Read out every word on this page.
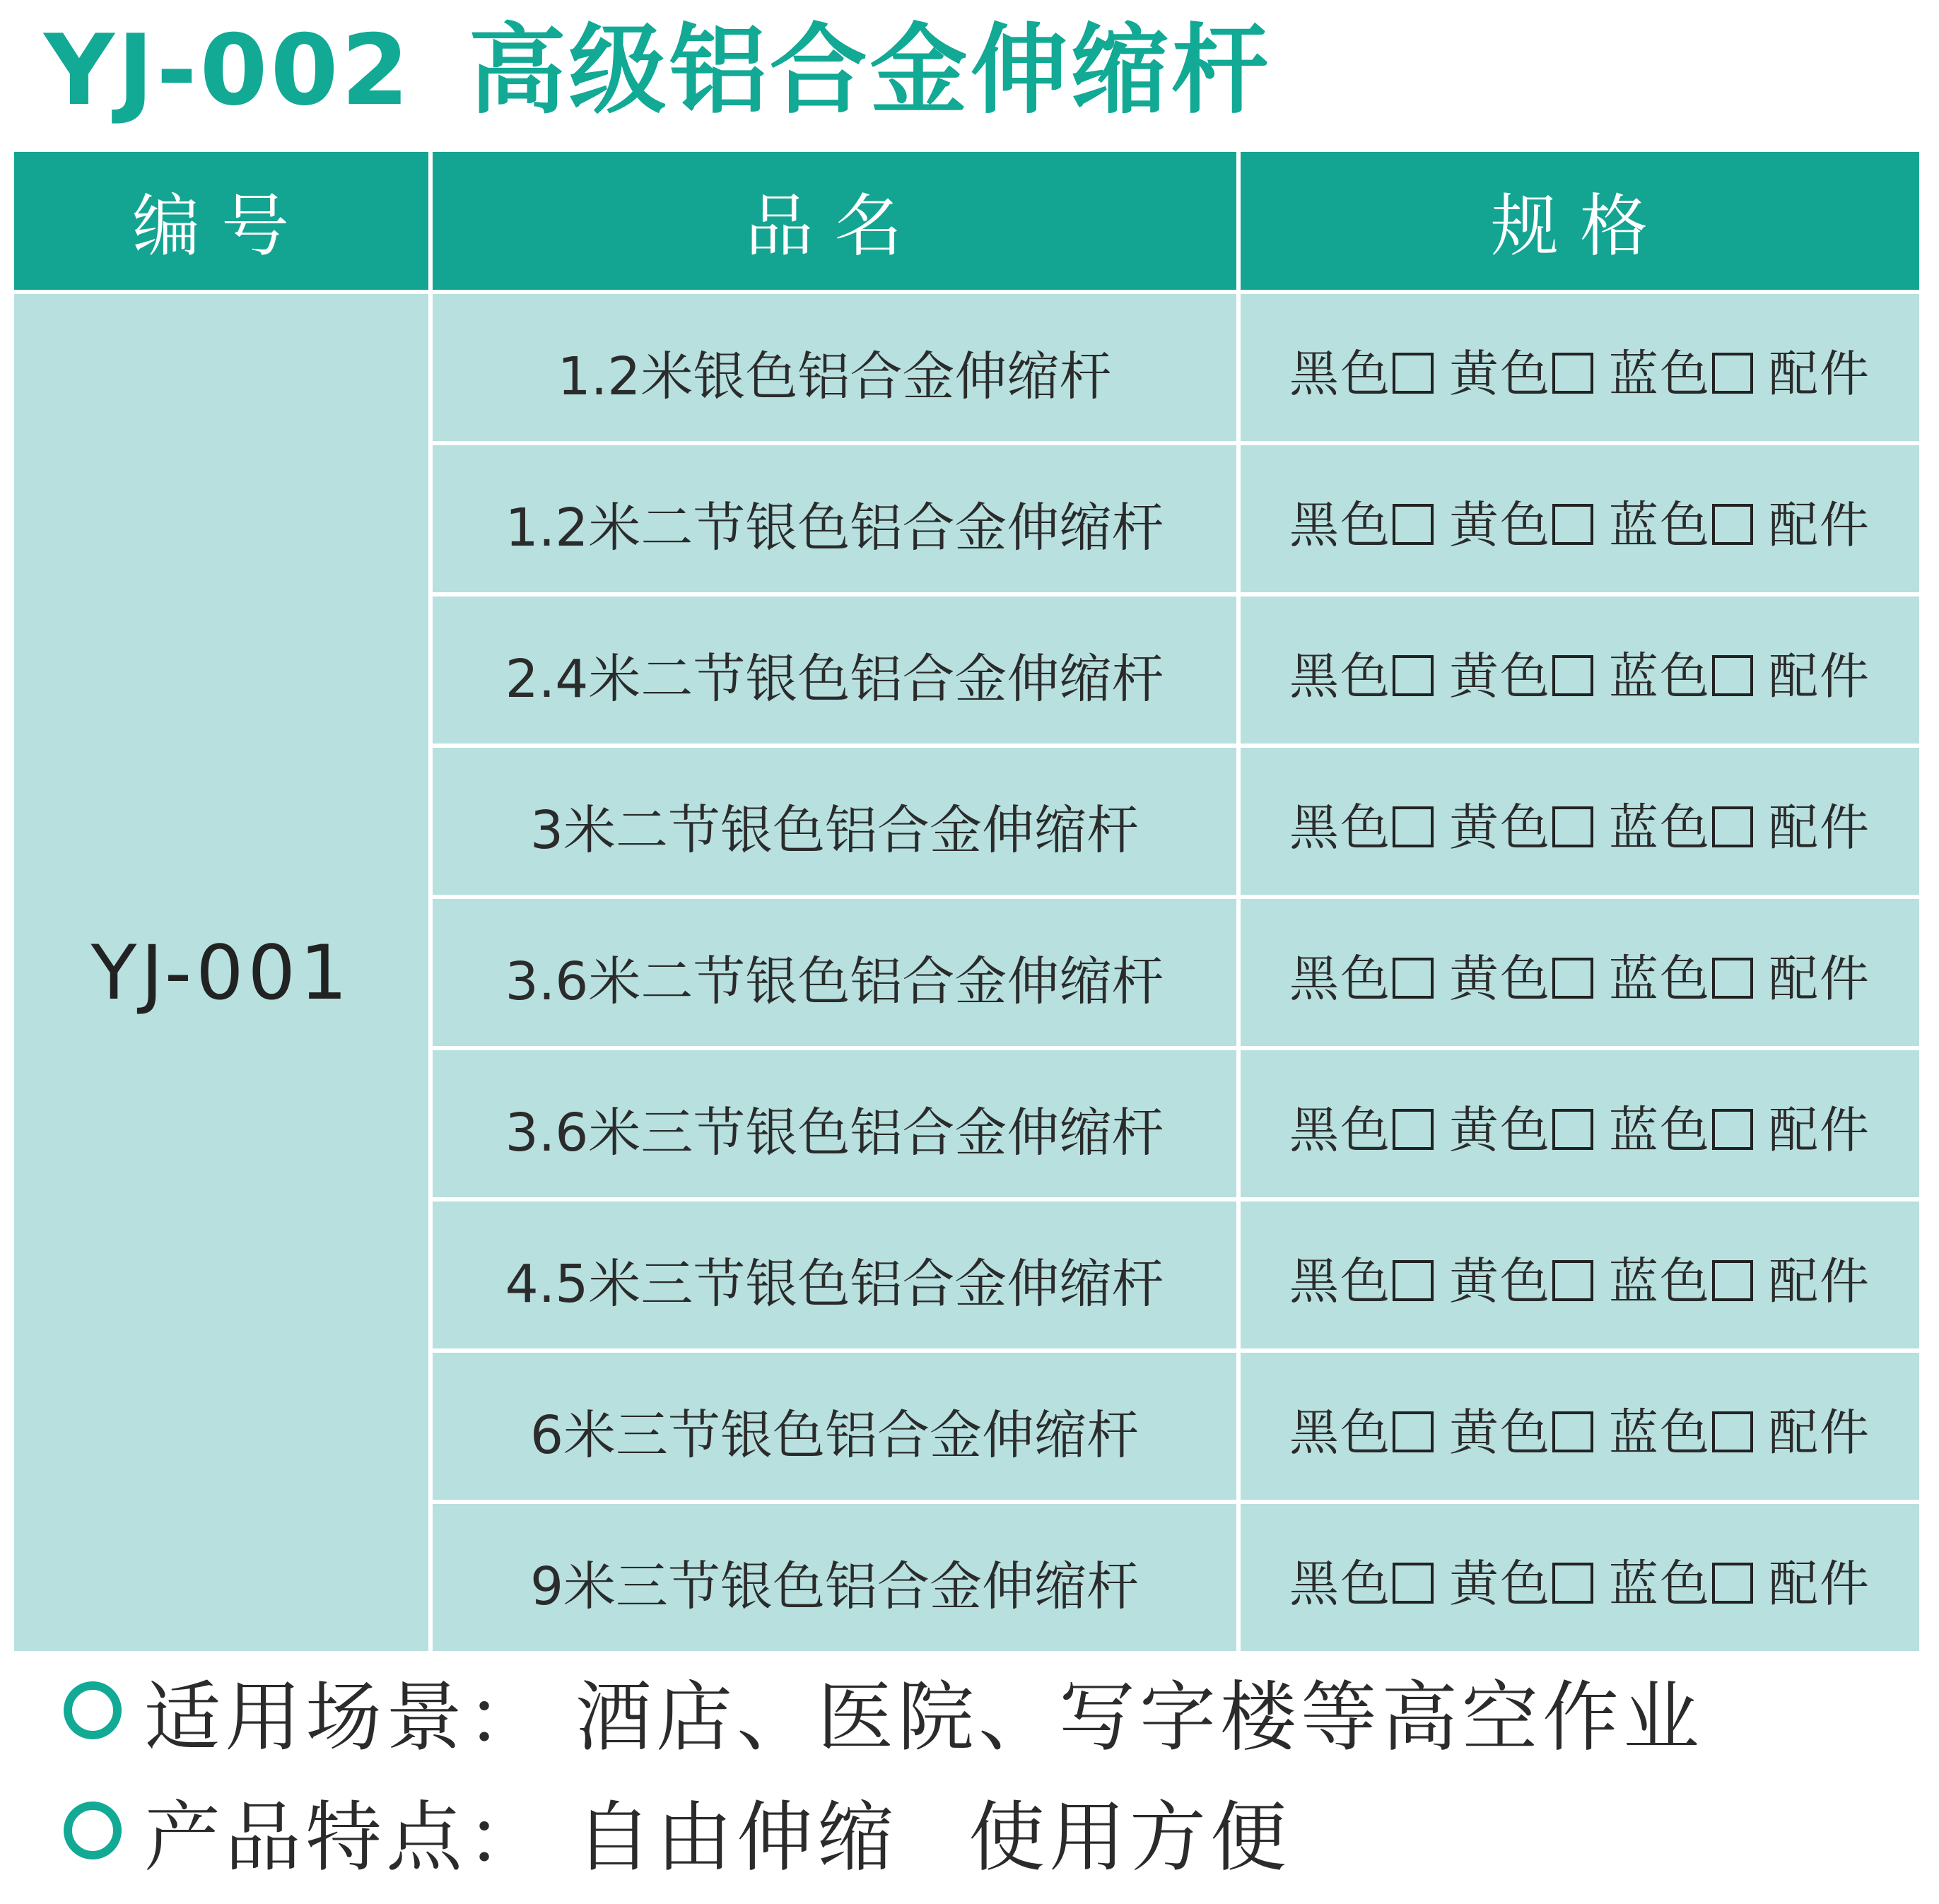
YJ-002 高级铝合金伸缩杆
编号	品名	规格
YJ-001	1.2米银色铝合金伸缩杆	黑色 黄色 蓝色 配件
	1.2米二节银色铝合金伸缩杆	黑色 黄色 蓝色 配件
	2.4米二节银色铝合金伸缩杆	黑色 黄色 蓝色 配件
	3米二节银色铝合金伸缩杆	黑色 黄色 蓝色 配件
	3.6米二节银色铝合金伸缩杆	黑色 黄色 蓝色 配件
	3.6米三节银色铝合金伸缩杆	黑色 黄色 蓝色 配件
	4.5米三节银色铝合金伸缩杆	黑色 黄色 蓝色 配件
	6米三节银色铝合金伸缩杆	黑色 黄色 蓝色 配件
	9米三节银色铝合金伸缩杆	黑色 黄色 蓝色 配件
适用场景： 酒店、医院、写字楼等高空作业
产品特点： 自由伸缩 使用方便
